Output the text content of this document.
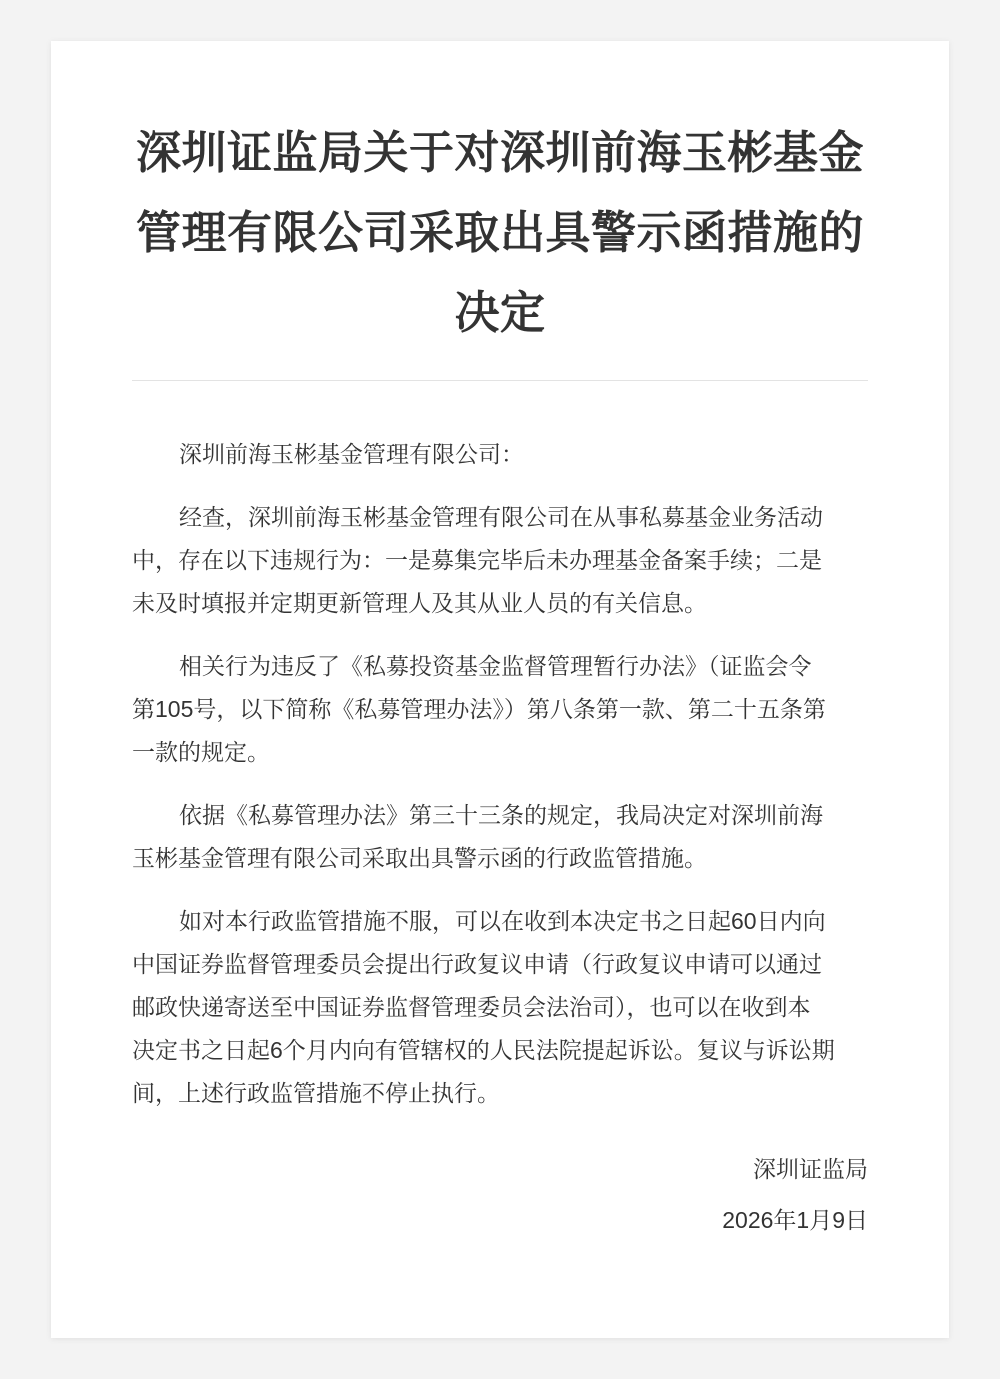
深圳证监局关于对深圳前海玉彬基金
管理有限公司采取出具警示函措施的
决定

深圳前海玉彬基金管理有限公司：

经查，深圳前海玉彬基金管理有限公司在从事私募基金业务活动
中，存在以下违规行为：一是募集完毕后未办理基金备案手续；二是
未及时填报并定期更新管理人及其从业人员的有关信息。

相关行为违反了《私募投资基金监督管理暂行办法》（证监会令
第105号，以下简称《私募管理办法》）第八条第一款、第二十五条第
一款的规定。

依据《私募管理办法》第三十三条的规定，我局决定对深圳前海
玉彬基金管理有限公司采取出具警示函的行政监管措施。

如对本行政监管措施不服，可以在收到本决定书之日起60日内向
中国证券监督管理委员会提出行政复议申请（行政复议申请可以通过
邮政快递寄送至中国证券监督管理委员会法治司），也可以在收到本
决定书之日起6个月内向有管辖权的人民法院提起诉讼。复议与诉讼期
间，上述行政监管措施不停止执行。

深圳证监局
2026年1月9日
